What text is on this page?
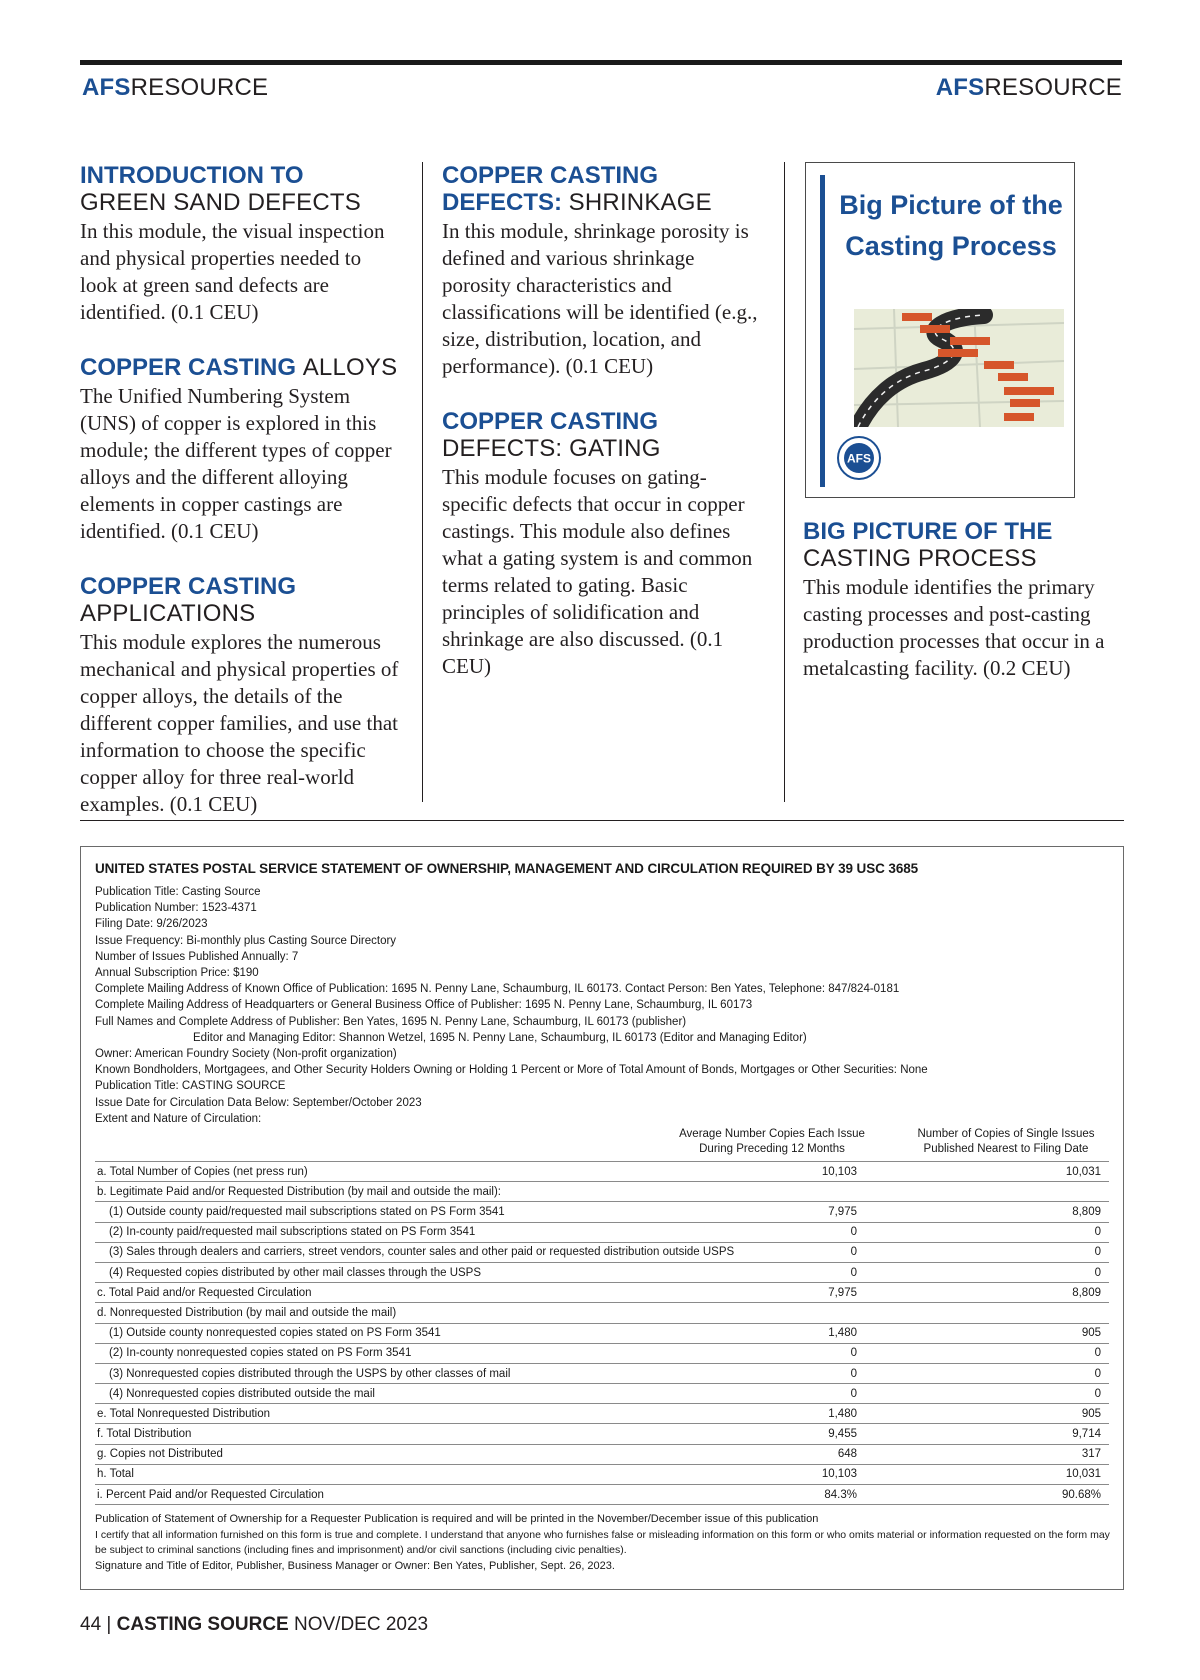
AFSRESOURCE	AFSRESOURCE
INTRODUCTION TO
GREEN SAND DEFECTS
In this module, the visual inspection and physical properties needed to look at green sand defects are identified. (0.1 CEU)
COPPER CASTING ALLOYS
The Unified Numbering System (UNS) of copper is explored in this module; the different types of copper alloys and the different alloying elements in copper castings are identified. (0.1 CEU)
COPPER CASTING
APPLICATIONS
This module explores the numerous mechanical and physical properties of copper alloys, the details of the different copper families, and use that information to choose the specific copper alloy for three real-world examples. (0.1 CEU)
COPPER CASTING
DEFECTS: SHRINKAGE
In this module, shrinkage porosity is defined and various shrinkage porosity characteristics and classifications will be identified (e.g., size, distribution, location, and performance). (0.1 CEU)
COPPER CASTING
DEFECTS: GATING
This module focuses on gating-specific defects that occur in copper castings. This module also defines what a gating system is and common terms related to gating. Basic principles of solidification and shrinkage are also discussed. (0.1 CEU)
Big Picture of the Casting Process
AFS
BIG PICTURE OF THE
CASTING PROCESS
This module identifies the primary casting processes and post-casting production processes that occur in a metalcasting facility. (0.2 CEU)
UNITED STATES POSTAL SERVICE STATEMENT OF OWNERSHIP, MANAGEMENT AND CIRCULATION REQUIRED BY 39 USC 3685
Publication Title: Casting Source
Publication Number: 1523-4371
Filing Date: 9/26/2023
Issue Frequency: Bi-monthly plus Casting Source Directory
Number of Issues Published Annually: 7
Annual Subscription Price: $190
Complete Mailing Address of Known Office of Publication: 1695 N. Penny Lane, Schaumburg, IL 60173. Contact Person: Ben Yates, Telephone: 847/824-0181
Complete Mailing Address of Headquarters or General Business Office of Publisher: 1695 N. Penny Lane, Schaumburg, IL 60173
Full Names and Complete Address of Publisher: Ben Yates, 1695 N. Penny Lane, Schaumburg, IL 60173 (publisher)
Editor and Managing Editor: Shannon Wetzel, 1695 N. Penny Lane, Schaumburg, IL 60173 (Editor and Managing Editor)
Owner: American Foundry Society (Non-profit organization)
Known Bondholders, Mortgagees, and Other Security Holders Owning or Holding 1 Percent or More of Total Amount of Bonds, Mortgages or Other Securities: None
Publication Title: CASTING SOURCE
Issue Date for Circulation Data Below: September/October 2023
Extent and Nature of Circulation:
Average Number Copies Each Issue
During Preceding 12 Months
Number of Copies of Single Issues
Published Nearest to Filing Date
a. Total Number of Copies (net press run)	10,103		10,031
b. Legitimate Paid and/or Requested Distribution (by mail and outside the mail):			
(1) Outside county paid/requested mail subscriptions stated on PS Form 3541	7,975		8,809
(2) In-county paid/requested mail subscriptions stated on PS Form 3541	0		0
(3) Sales through dealers and carriers, street vendors, counter sales and other paid or requested distribution outside USPS	0		0
(4) Requested copies distributed by other mail classes through the USPS	0		0
c. Total Paid and/or Requested Circulation	7,975		8,809
d. Nonrequested Distribution (by mail and outside the mail)			
(1) Outside county nonrequested copies stated on PS Form 3541	1,480		905
(2) In-county nonrequested copies stated on PS Form 3541	0		0
(3) Nonrequested copies distributed through the USPS by other classes of mail	0		0
(4) Nonrequested copies distributed outside the mail	0		0
e. Total Nonrequested Distribution	1,480		905
f. Total Distribution	9,455		9,714
g. Copies not Distributed	648		317
h. Total	10,103		10,031
i. Percent Paid and/or Requested Circulation	84.3%		90.68%
Publication of Statement of Ownership for a Requester Publication is required and will be printed in the November/December issue of this publication
I certify that all information furnished on this form is true and complete. I understand that anyone who furnishes false or misleading information on this form or who omits material or information requested on the form may be subject to criminal sanctions (including fines and imprisonment) and/or civil sanctions (including civic penalties).
Signature and Title of Editor, Publisher, Business Manager or Owner: Ben Yates, Publisher, Sept. 26, 2023.
44 | CASTING SOURCE NOV/DEC 2023
